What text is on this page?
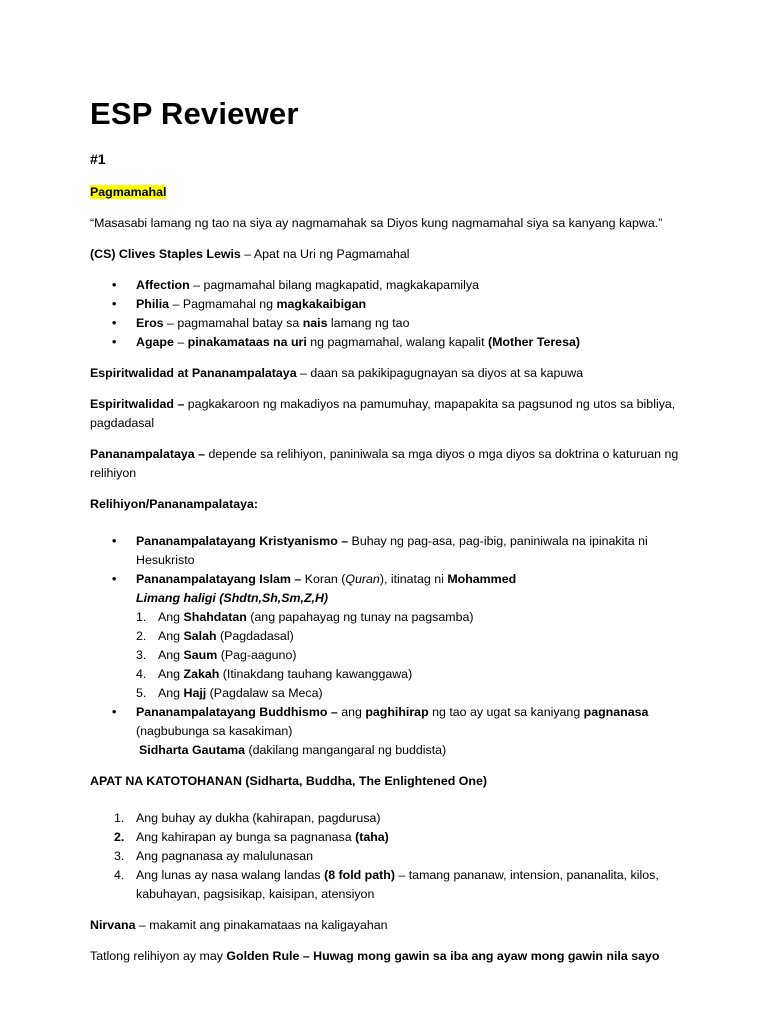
ESP Reviewer
#1

Pagmamahal

“Masasabi lamang ng tao na siya ay nagmamahak sa Diyos kung nagmamahal siya sa kanyang kapwa.”

(CS) Clives Staples Lewis – Apat na Uri ng Pagmamahal

• Affection – pagmamahal bilang magkapatid, magkakapamilya
• Philia – Pagmamahal ng magkakaibigan
• Eros – pagmamahal batay sa nais lamang ng tao
• Agape – pinakamataas na uri ng pagmamahal, walang kapalit (Mother Teresa)

Espiritwalidad at Pananampalataya – daan sa pakikipagugnayan sa diyos at sa kapuwa

Espiritwalidad – pagkakaroon ng makadiyos na pamumuhay, mapapakita sa pagsunod ng utos sa bibliya, pagdadasal

Pananampalataya – depende sa relihiyon, paniniwala sa mga diyos o mga diyos sa doktrina o katuruan ng relihiyon

Relihiyon/Pananampalataya:

• Pananampalatayang Kristyanismo – Buhay ng pag-asa, pag-ibig, paniniwala na ipinakita ni Hesukristo
• Pananampalatayang Islam – Koran (Quran), itinatag ni Mohammed
Limang haligi (Shdtn,Sh,Sm,Z,H)
1. Ang Shahdatan (ang papahayag ng tunay na pagsamba)
2. Ang Salah (Pagdadasal)
3. Ang Saum (Pag-aaguno)
4. Ang Zakah (Itinakdang tauhang kawanggawa)
5. Ang Hajj (Pagdalaw sa Meca)
• Pananampalatayang Buddhismo – ang paghihirap ng tao ay ugat sa kaniyang pagnanasa
(nagbubunga sa kasakiman)
Sidharta Gautama (dakilang mangangaral ng buddista)

APAT NA KATOTOHANAN (Sidharta, Buddha, The Enlightened One)

1. Ang buhay ay dukha (kahirapan, pagdurusa)
2. Ang kahirapan ay bunga sa pagnanasa (taha)
3. Ang pagnanasa ay malulunasan
4. Ang lunas ay nasa walang landas (8 fold path) – tamang pananaw, intension, pananalita, kilos, kabuhayan, pagsisikap, kaisipan, atensiyon

Nirvana – makamit ang pinakamataas na kaligayahan

Tatlong relihiyon ay may Golden Rule – Huwag mong gawin sa iba ang ayaw mong gawin nila sayo
